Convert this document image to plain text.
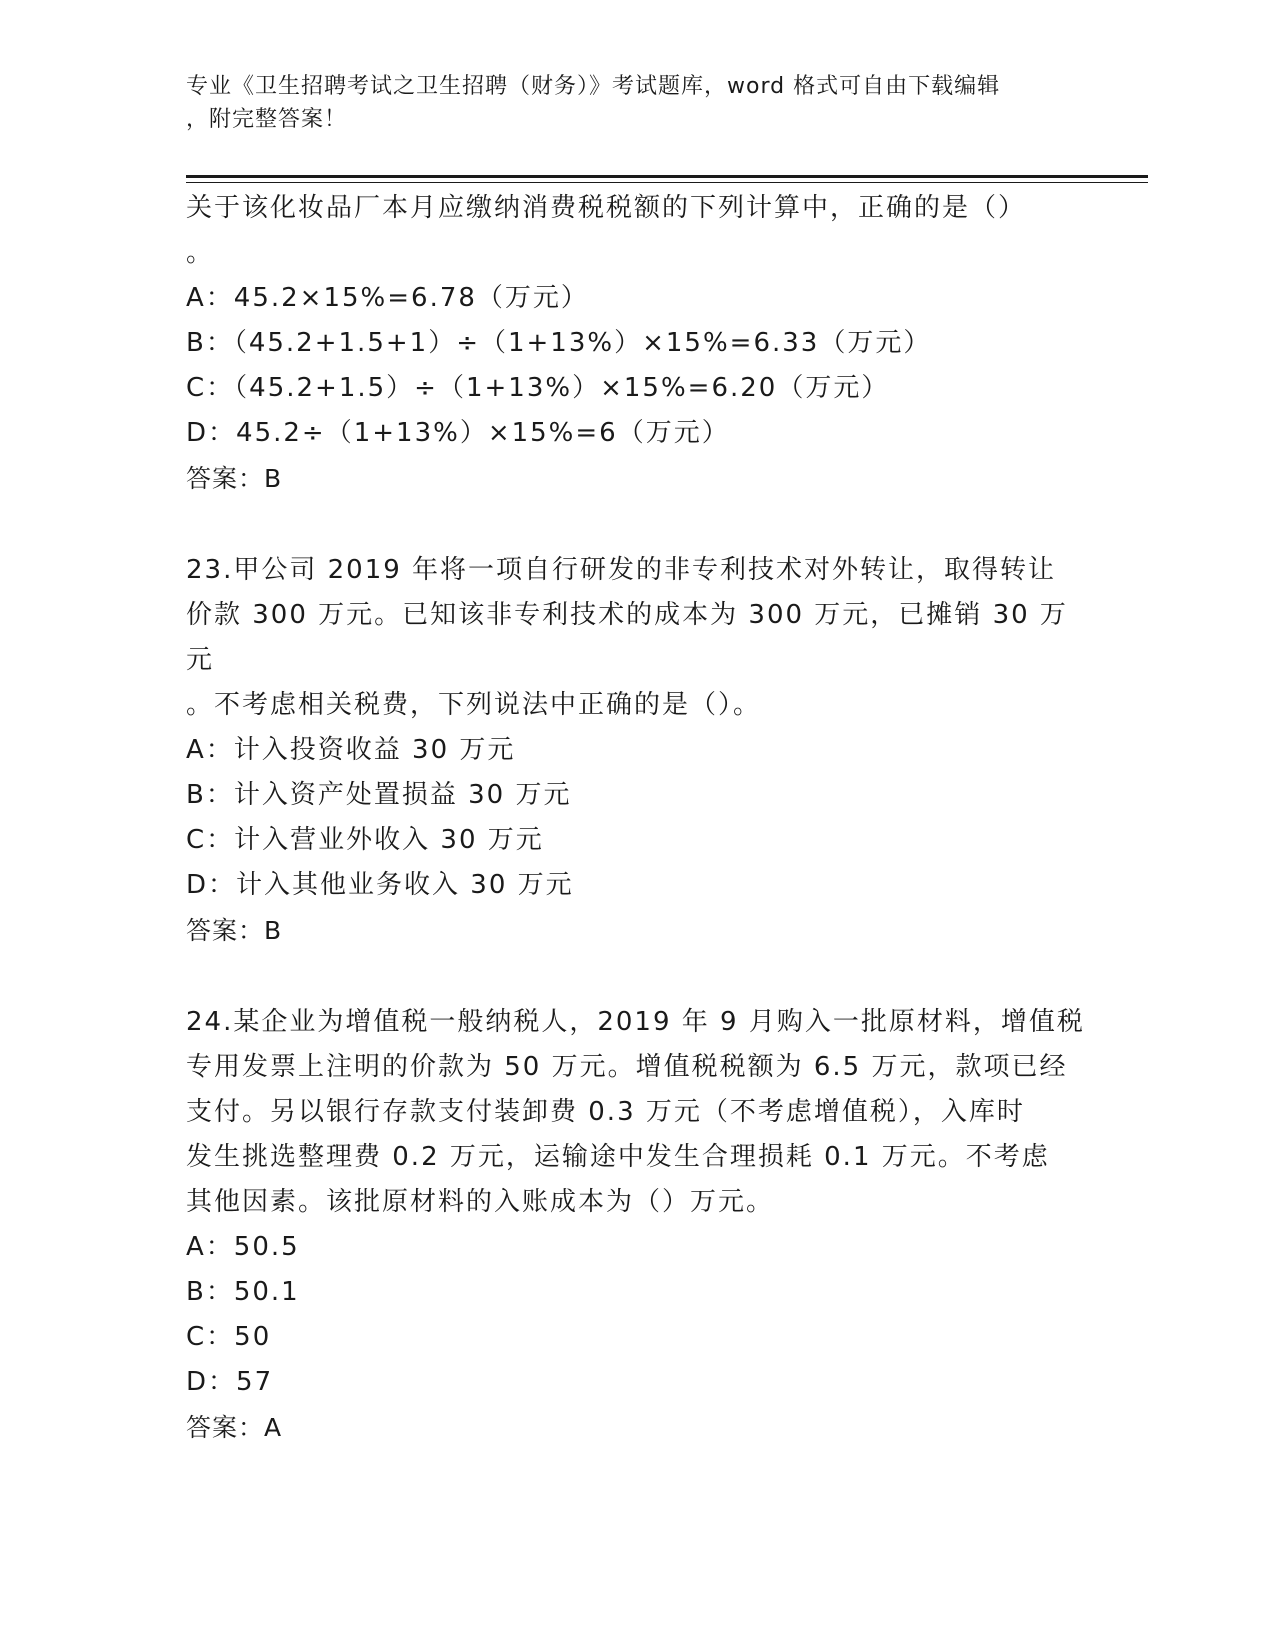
专业《卫生招聘考试之卫生招聘（财务）》考试题库，word 格式可自由下载编辑
，附完整答案！
关于该化妆品厂本月应缴纳消费税税额的下列计算中，正确的是（）
。
A：45.2×15%=6.78（万元）
B：（45.2+1.5+1）÷（1+13%）×15%=6.33（万元）
C：（45.2+1.5）÷（1+13%）×15%=6.20（万元）
D：45.2÷（1+13%）×15%=6（万元）
答案：B
23.甲公司 2019 年将一项自行研发的非专利技术对外转让，取得转让
价款 300 万元。已知该非专利技术的成本为 300 万元，已摊销 30 万元
。不考虑相关税费，下列说法中正确的是（）。
A：计入投资收益 30 万元
B：计入资产处置损益 30 万元
C：计入营业外收入 30 万元
D：计入其他业务收入 30 万元
答案：B
24.某企业为增值税一般纳税人，2019 年 9 月购入一批原材料，增值税
专用发票上注明的价款为 50 万元。增值税税额为 6.5 万元，款项已经
支付。另以银行存款支付装卸费 0.3 万元（不考虑增值税），入库时
发生挑选整理费 0.2 万元，运输途中发生合理损耗 0.1 万元。不考虑
其他因素。该批原材料的入账成本为（）万元。
A：50.5
B：50.1
C：50
D：57
答案：A
